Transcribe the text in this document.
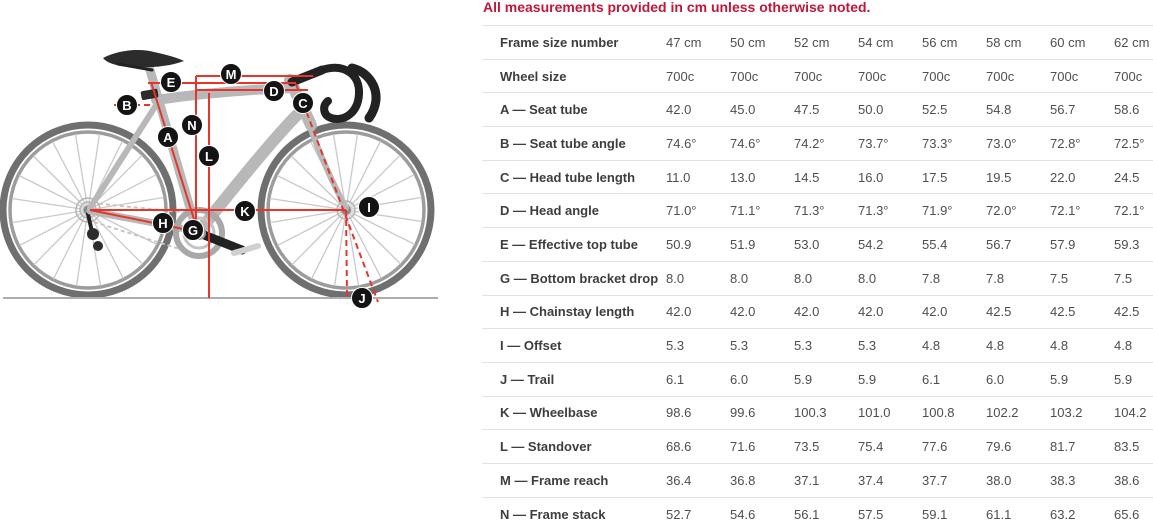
A
B	C
D
E
G
H
I
J
K
L
M
N
All measurements provided in cm unless otherwise noted.
Frame size number	47 cm	50 cm	52 cm	54 cm	56 cm	58 cm	60 cm	62 cm
Wheel size	700c	700c	700c	700c	700c	700c	700c	700c
A — Seat tube	42.0	45.0	47.5	50.0	52.5	54.8	56.7	58.6
B — Seat tube angle	74.6°	74.6°	74.2°	73.7°	73.3°	73.0°	72.8°	72.5°
C — Head tube length	11.0	13.0	14.5	16.0	17.5	19.5	22.0	24.5
D — Head angle	71.0°	71.1°	71.3°	71.3°	71.9°	72.0°	72.1°	72.1°
E — Effective top tube	50.9	51.9	53.0	54.2	55.4	56.7	57.9	59.3
G — Bottom bracket drop	8.0	8.0	8.0	8.0	7.8	7.8	7.5	7.5
H — Chainstay length	42.0	42.0	42.0	42.0	42.0	42.5	42.5	42.5
I — Offset	5.3	5.3	5.3	5.3	4.8	4.8	4.8	4.8
J — Trail	6.1	6.0	5.9	5.9	6.1	6.0	5.9	5.9
K — Wheelbase	98.6	99.6	100.3	101.0	100.8	102.2	103.2	104.2
L — Standover	68.6	71.6	73.5	75.4	77.6	79.6	81.7	83.5
M — Frame reach	36.4	36.8	37.1	37.4	37.7	38.0	38.3	38.6
N — Frame stack	52.7	54.6	56.1	57.5	59.1	61.1	63.2	65.6
